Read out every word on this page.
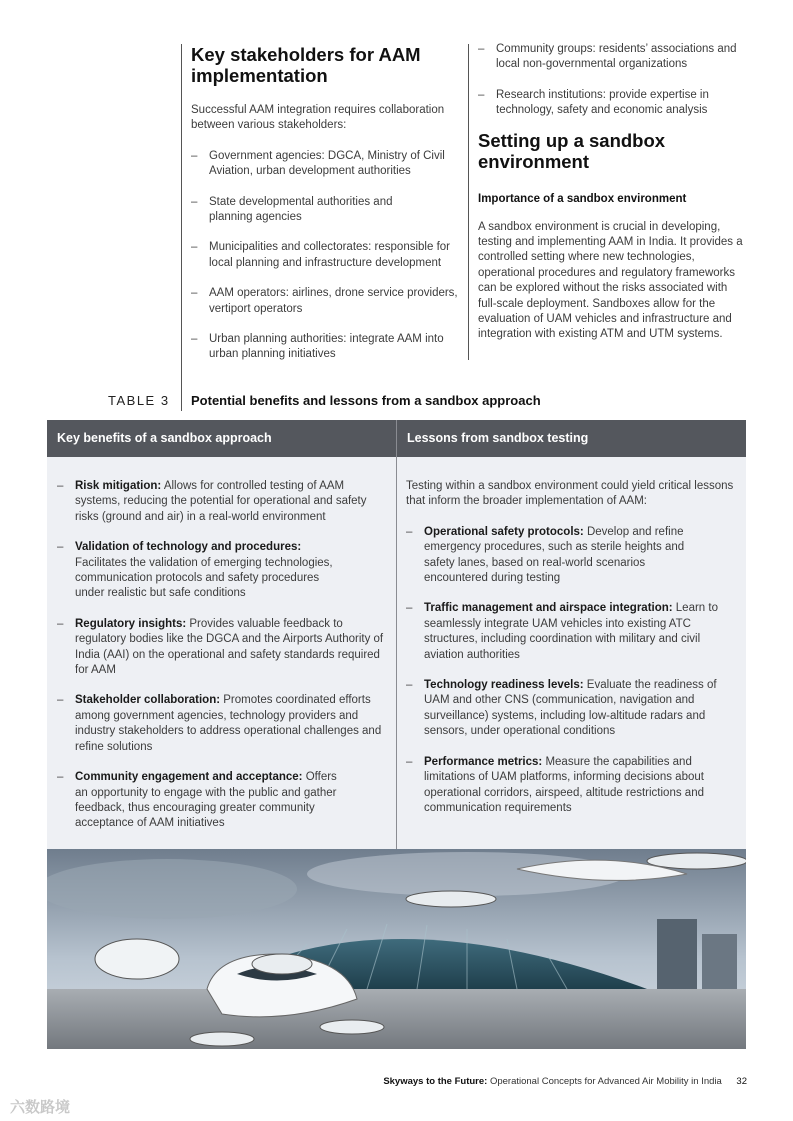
Key stakeholders for AAM implementation

Successful AAM integration requires collaboration between various stakeholders:

– Government agencies: DGCA, Ministry of Civil Aviation, urban development authorities
– State developmental authorities and planning agencies
– Municipalities and collectorates: responsible for local planning and infrastructure development
– AAM operators: airlines, drone service providers, vertiport operators
– Urban planning authorities: integrate AAM into urban planning initiatives
– Community groups: residents’ associations and local non-governmental organizations
– Research institutions: provide expertise in technology, safety and economic analysis
Setting up a sandbox environment

Importance of a sandbox environment

A sandbox environment is crucial in developing, testing and implementing AAM in India. It provides a controlled setting where new technologies, operational procedures and regulatory frameworks can be explored without the risks associated with full-scale deployment. Sandboxes allow for the evaluation of UAM vehicles and infrastructure and integration with existing ATM and UTM systems.

TABLE 3 Potential benefits and lessons from a sandbox approach
Key benefits of a sandbox approach	Lessons from sandbox testing
– Risk mitigation: Allows for controlled testing of AAM systems, reducing the potential for operational and safety risks (ground and air) in a real-world environment
– Validation of technology and procedures: Facilitates the validation of emerging technologies, communication protocols and safety procedures under realistic but safe conditions
– Regulatory insights: Provides valuable feedback to regulatory bodies like the DGCA and the Airports Authority of India (AAI) on the operational and safety standards required for AAM
– Stakeholder collaboration: Promotes coordinated efforts among government agencies, technology providers and industry stakeholders to address operational challenges and refine solutions
– Community engagement and acceptance: Offers an opportunity to engage with the public and gather feedback, thus encouraging greater community acceptance of AAM initiatives

Testing within a sandbox environment could yield critical lessons that inform the broader implementation of AAM:

– Operational safety protocols: Develop and refine emergency procedures, such as sterile heights and safety lanes, based on real-world scenarios encountered during testing
– Traffic management and airspace integration: Learn to seamlessly integrate UAM vehicles into existing ATC structures, including coordination with military and civil aviation authorities
– Technology readiness levels: Evaluate the readiness of UAM and other CNS (communication, navigation and surveillance) systems, including low-altitude radars and sensors, under operational conditions
– Performance metrics: Measure the capabilities and limitations of UAM platforms, informing decisions about operational corridors, airspeed, altitude restrictions and communication requirements
Skyways to the Future: Operational Concepts for Advanced Air Mobility in India 32
六数路境
